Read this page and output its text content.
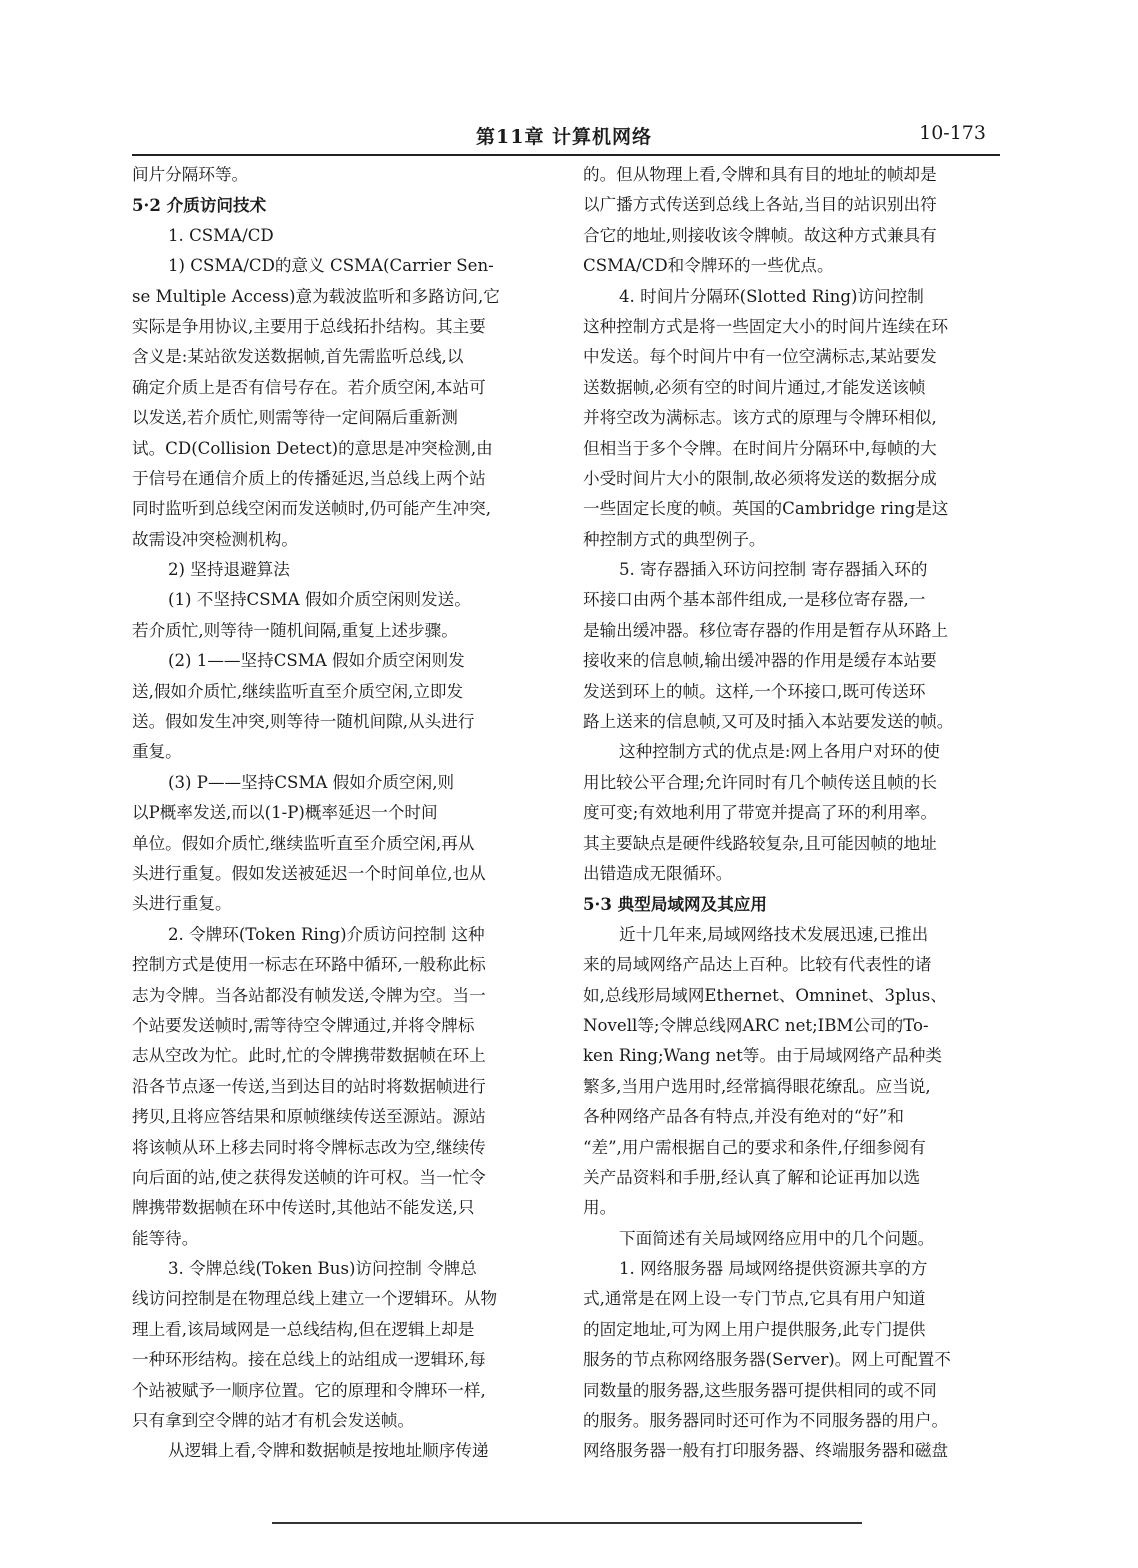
第11章 计算机网络	10-173
间片分隔环等。
5·2 介质访问技术
1. CSMA/CD
1) CSMA/CD的意义 CSMA(Carrier Sen-
se Multiple Access)意为载波监听和多路访问,它
实际是争用协议,主要用于总线拓扑结构。其主要
含义是:某站欲发送数据帧,首先需监听总线,以
确定介质上是否有信号存在。若介质空闲,本站可
以发送,若介质忙,则需等待一定间隔后重新测
试。CD(Collision Detect)的意思是冲突检测,由
于信号在通信介质上的传播延迟,当总线上两个站
同时监听到总线空闲而发送帧时,仍可能产生冲突,
故需设冲突检测机构。
2) 坚持退避算法
(1) 不坚持CSMA 假如介质空闲则发送。
若介质忙,则等待一随机间隔,重复上述步骤。
(2) 1——坚持CSMA 假如介质空闲则发
送,假如介质忙,继续监听直至介质空闲,立即发
送。假如发生冲突,则等待一随机间隙,从头进行
重复。
(3) P——坚持CSMA 假如介质空闲,则
以P概率发送,而以(1-P)概率延迟一个时间
单位。假如介质忙,继续监听直至介质空闲,再从
头进行重复。假如发送被延迟一个时间单位,也从
头进行重复。
2. 令牌环(Token Ring)介质访问控制 这种
控制方式是使用一标志在环路中循环,一般称此标
志为令牌。当各站都没有帧发送,令牌为空。当一
个站要发送帧时,需等待空令牌通过,并将令牌标
志从空改为忙。此时,忙的令牌携带数据帧在环上
沿各节点逐一传送,当到达目的站时将数据帧进行
拷贝,且将应答结果和原帧继续传送至源站。源站
将该帧从环上移去同时将令牌标志改为空,继续传
向后面的站,使之获得发送帧的许可权。当一忙令
牌携带数据帧在环中传送时,其他站不能发送,只
能等待。
3. 令牌总线(Token Bus)访问控制 令牌总
线访问控制是在物理总线上建立一个逻辑环。从物
理上看,该局域网是一总线结构,但在逻辑上却是
一种环形结构。接在总线上的站组成一逻辑环,每
个站被赋予一顺序位置。它的原理和令牌环一样,
只有拿到空令牌的站才有机会发送帧。
从逻辑上看,令牌和数据帧是按地址顺序传递
的。但从物理上看,令牌和具有目的地址的帧却是
以广播方式传送到总线上各站,当目的站识别出符
合它的地址,则接收该令牌帧。故这种方式兼具有
CSMA/CD和令牌环的一些优点。
4. 时间片分隔环(Slotted Ring)访问控制
这种控制方式是将一些固定大小的时间片连续在环
中发送。每个时间片中有一位空满标志,某站要发
送数据帧,必须有空的时间片通过,才能发送该帧
并将空改为满标志。该方式的原理与令牌环相似,
但相当于多个令牌。在时间片分隔环中,每帧的大
小受时间片大小的限制,故必须将发送的数据分成
一些固定长度的帧。英国的Cambridge ring是这
种控制方式的典型例子。
5. 寄存器插入环访问控制 寄存器插入环的
环接口由两个基本部件组成,一是移位寄存器,一
是输出缓冲器。移位寄存器的作用是暂存从环路上
接收来的信息帧,输出缓冲器的作用是缓存本站要
发送到环上的帧。这样,一个环接口,既可传送环
路上送来的信息帧,又可及时插入本站要发送的帧。
这种控制方式的优点是:网上各用户对环的使
用比较公平合理;允许同时有几个帧传送且帧的长
度可变;有效地利用了带宽并提高了环的利用率。
其主要缺点是硬件线路较复杂,且可能因帧的地址
出错造成无限循环。
5·3 典型局域网及其应用
近十几年来,局域网络技术发展迅速,已推出
来的局域网络产品达上百种。比较有代表性的诸
如,总线形局域网Ethernet、Omninet、3plus、
Novell等;令牌总线网ARC net;IBM公司的To-
ken Ring;Wang net等。由于局域网络产品种类
繁多,当用户选用时,经常搞得眼花缭乱。应当说,
各种网络产品各有特点,并没有绝对的“好”和
“差”,用户需根据自己的要求和条件,仔细参阅有
关产品资料和手册,经认真了解和论证再加以选
用。
下面简述有关局域网络应用中的几个问题。
1. 网络服务器 局域网络提供资源共享的方
式,通常是在网上设一专门节点,它具有用户知道
的固定地址,可为网上用户提供服务,此专门提供
服务的节点称网络服务器(Server)。网上可配置不
同数量的服务器,这些服务器可提供相同的或不同
的服务。服务器同时还可作为不同服务器的用户。
网络服务器一般有打印服务器、终端服务器和磁盘
